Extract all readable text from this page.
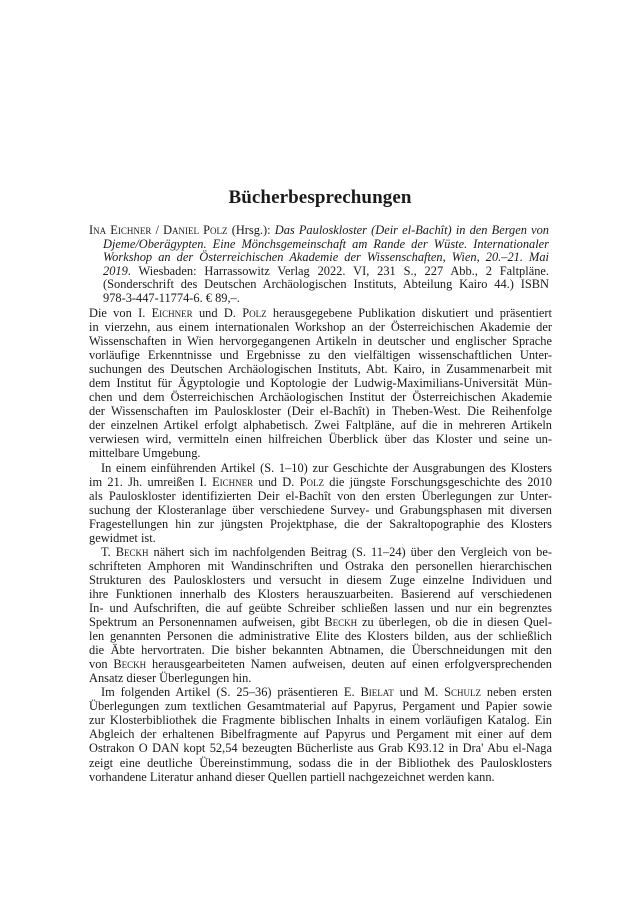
Bücherbesprechungen
Ina Eichner / Daniel Polz (Hrsg.): Das Pauloskloster (Deir el-Bachît) in den Bergen von
Djeme/Oberägypten. Eine Mönchsgemeinschaft am Rande der Wüste. Internationaler
Workshop an der Österreichischen Akademie der Wissenschaften, Wien, 20.–21. Mai
2019. Wiesbaden: Harrassowitz Verlag 2022. VI, 231 S., 227 Abb., 2 Faltpläne.
(Sonderschrift des Deutschen Archäologischen Instituts, Abteilung Kairo 44.) ISBN
978-3-447-11774-6. € 89,–.
Die von I. Eichner und D. Polz herausgegebene Publikation diskutiert und präsentiert
in vierzehn, aus einem internationalen Workshop an der Österreichischen Akademie der
Wissenschaften in Wien hervorgegangenen Artikeln in deutscher und englischer Sprache
vorläufige Erkenntnisse und Ergebnisse zu den vielfältigen wissenschaftlichen Unter-
suchungen des Deutschen Archäologischen Instituts, Abt. Kairo, in Zusammenarbeit mit
dem Institut für Ägyptologie und Koptologie der Ludwig-Maximilians-Universität Mün-
chen und dem Österreichischen Archäologischen Institut der Österreichischen Akademie
der Wissenschaften im Pauloskloster (Deir el-Bachît) in Theben-West. Die Reihenfolge
der einzelnen Artikel erfolgt alphabetisch. Zwei Faltpläne, auf die in mehreren Artikeln
verwiesen wird, vermitteln einen hilfreichen Überblick über das Kloster und seine un-
mittelbare Umgebung.
In einem einführenden Artikel (S. 1–10) zur Geschichte der Ausgrabungen des Klosters
im 21. Jh. umreißen I. Eichner und D. Polz die jüngste Forschungsgeschichte des 2010
als Pauloskloster identifizierten Deir el-Bachît von den ersten Überlegungen zur Unter-
suchung der Klosteranlage über verschiedene Survey- und Grabungsphasen mit diversen
Fragestellungen hin zur jüngsten Projektphase, die der Sakraltopographie des Klosters
gewidmet ist.
T. Beckh nähert sich im nachfolgenden Beitrag (S. 11–24) über den Vergleich von be-
schrifteten Amphoren mit Wandinschriften und Ostraka den personellen hierarchischen
Strukturen des Paulosklosters und versucht in diesem Zuge einzelne Individuen und
ihre Funktionen innerhalb des Klosters herauszuarbeiten. Basierend auf verschiedenen
In- und Aufschriften, die auf geübte Schreiber schließen lassen und nur ein begrenztes
Spektrum an Personennamen aufweisen, gibt Beckh zu überlegen, ob die in diesen Quel-
len genannten Personen die administrative Elite des Klosters bilden, aus der schließlich
die Äbte hervortraten. Die bisher bekannten Abtnamen, die Überschneidungen mit den
von Beckh herausgearbeiteten Namen aufweisen, deuten auf einen erfolgversprechenden
Ansatz dieser Überlegungen hin.
Im folgenden Artikel (S. 25–36) präsentieren E. Bielat und M. Schulz neben ersten
Überlegungen zum textlichen Gesamtmaterial auf Papyrus, Pergament und Papier sowie
zur Klosterbibliothek die Fragmente biblischen Inhalts in einem vorläufigen Katalog. Ein
Abgleich der erhaltenen Bibelfragmente auf Papyrus und Pergament mit einer auf dem
Ostrakon O DAN kopt 52,54 bezeugten Bücherliste aus Grab K93.12 in Dra' Abu el-Naga
zeigt eine deutliche Übereinstimmung, sodass die in der Bibliothek des Paulosklosters
vorhandene Literatur anhand dieser Quellen partiell nachgezeichnet werden kann.
